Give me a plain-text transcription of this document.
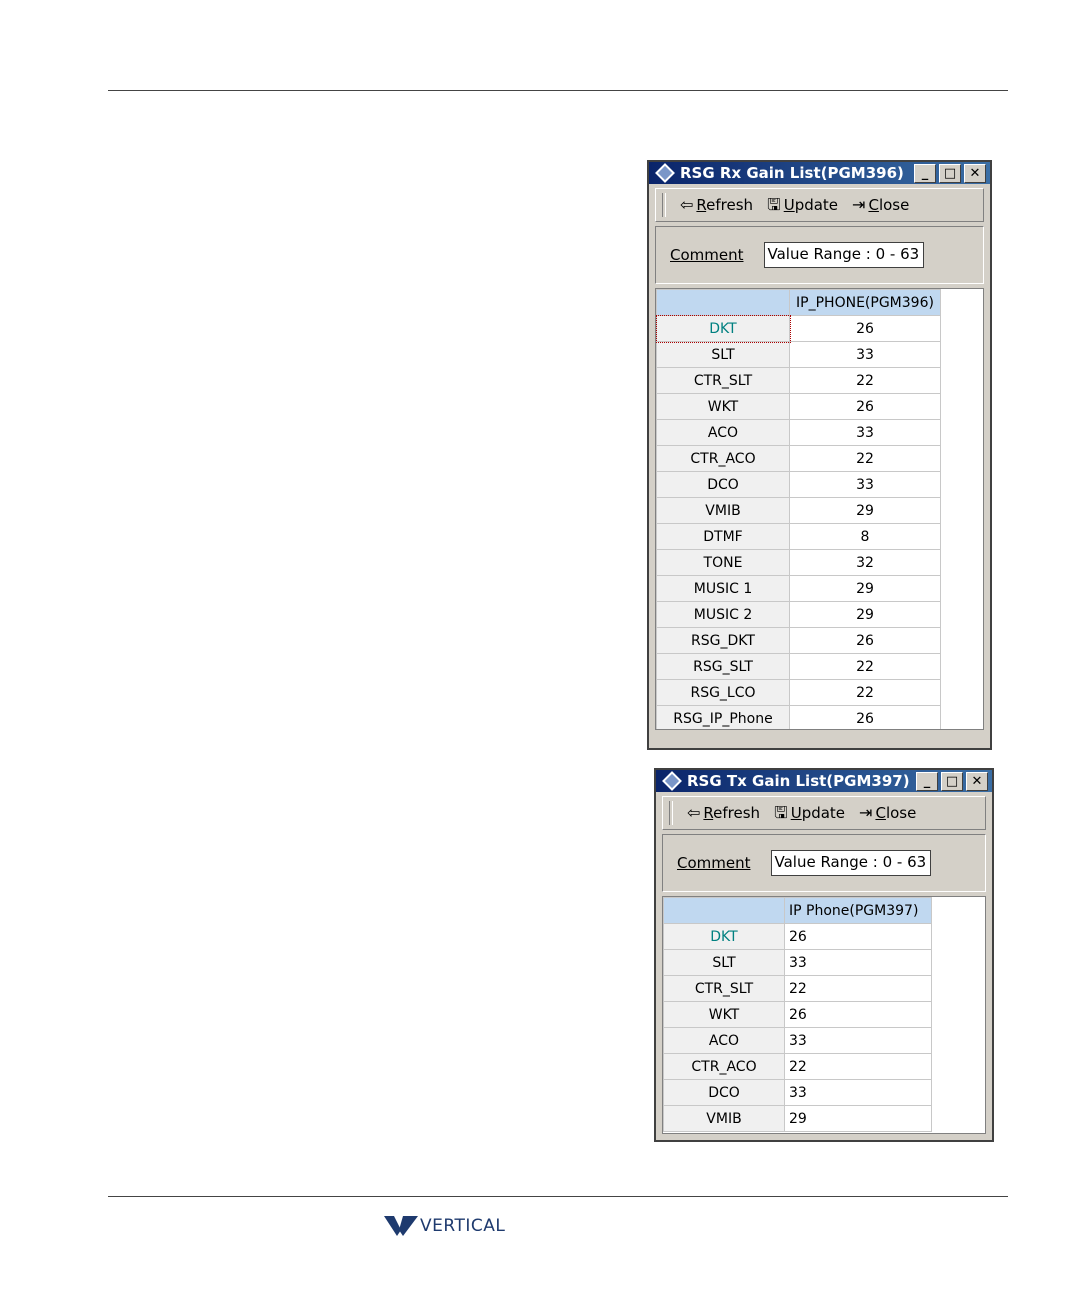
RSG Rx Gain List(PGM396)	_	□	✕
⇦ Refresh 🖫 Update ⇥ Close
Comment Value Range : 0 - 63
	IP_PHONE(PGM396)
DKT	26
SLT	33
CTR_SLT	22
WKT	26
ACO	33
CTR_ACO	22
DCO	33
VMIB	29
DTMF	8
TONE	32
MUSIC 1	29
MUSIC 2	29
RSG_DKT	26
RSG_SLT	22
RSG_LCO	22
RSG_IP_Phone	26
RSG Tx Gain List(PGM397)	_	□	✕
⇦ Refresh 🖫 Update ⇥ Close
Comment Value Range : 0 - 63
	IP Phone(PGM397)
DKT	26
SLT	33
CTR_SLT	22
WKT	26
ACO	33
CTR_ACO	22
DCO	33
VMIB	29
VERTICAL
